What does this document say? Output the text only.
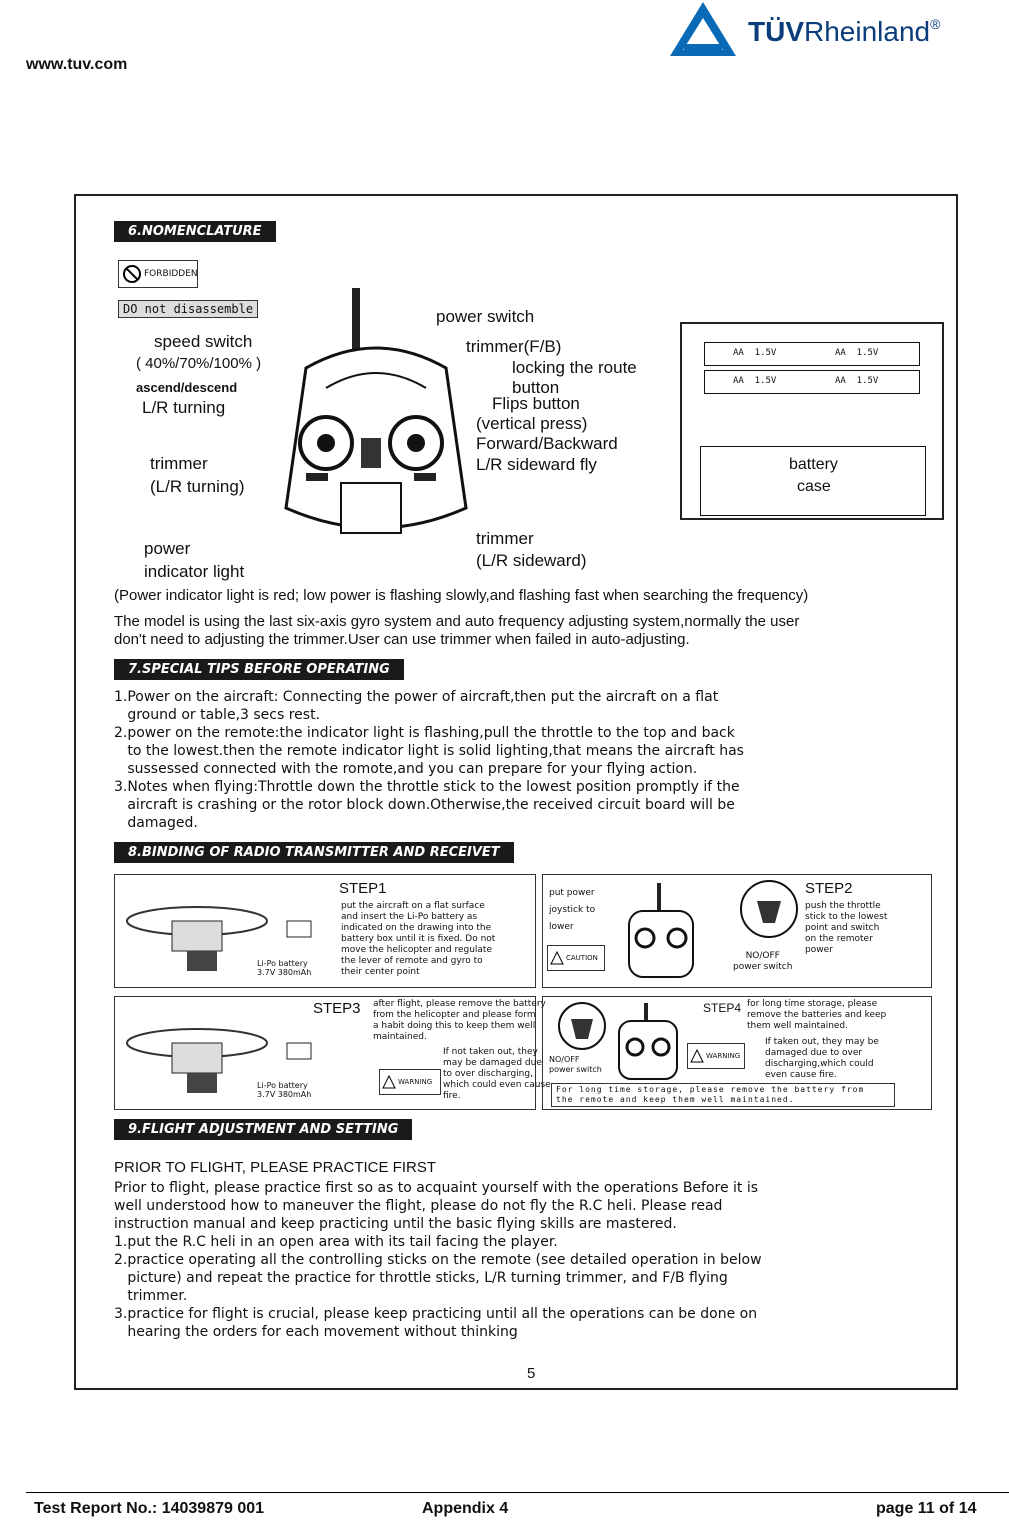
www.tuv.com
TÜVRheinland®
6.NOMENCLATURE
FORBIDDEN
DO not disassemble
speed switch
( 40%/70%/100% )
ascend/descend
L/R turning
trimmer
(L/R turning)
power
indicator light
power switch
trimmer(F/B)
locking the route
button
Flips button
(vertical press)
Forward/Backward
L/R sideward fly
trimmer
(L/R sideward)
AA  1.5V	AA  1.5V
AA  1.5V	AA  1.5V
battery
case
(Power indicator light is red; low power is flashing slowly,and flashing fast when searching the frequency)
The model is using the last six-axis gyro system and auto frequency adjusting system,normally the user
don't need to adjusting the trimmer.User can use trimmer when failed in auto-adjusting.
7.SPECIAL TIPS BEFORE OPERATING
1.Power on the aircraft: Connecting the power of aircraft,then put the aircraft on a flat
ground or table,3 secs rest.
2.power on the remote:the indicator light is flashing,pull the throttle to the top and back
to the lowest.then the remote indicator light is solid lighting,that means the aircraft has
sussessed connected with the romote,and you can prepare for your flying action.
3.Notes when flying:Throttle down the throttle stick to the lowest position promptly if the
aircraft is crashing or the rotor block down.Otherwise,the received circuit board will be
damaged.
8.BINDING OF RADIO TRANSMITTER AND RECEIVET
STEP1
put the aircraft on a flat surface
and insert the Li-Po battery as
indicated on the drawing into the
battery box until it is fixed. Do not
move the helicopter and regulate
the lever of remote and gyro to
their center point
Li-Po battery
3.7V 380mAh
put power
joystick to
lower
CAUTION	NO/OFF
power switch
STEP2
push the throttle
stick to the lowest
point and switch
on the remoter
power
STEP3 after flight, please remove the battery
from the helicopter and please form
a habit doing this to keep them well
maintained.
If not taken out, they
may be damaged due
to over discharging,
which could even cause
fire.
WARNING
Li-Po battery
3.7V 380mAh
NO/OFF
power switch
STEP4 for long time storage, please
remove the batteries and keep
them well maintained.
WARNING
If taken out, they may be
damaged due to over
discharging,which could
even cause fire.
For long time storage, please remove the battery from
the remote and keep them well maintained.
9.FLIGHT ADJUSTMENT AND SETTING
PRIOR TO FLIGHT, PLEASE PRACTICE FIRST
Prior to flight, please practice first so as to acquaint yourself with the operations Before it is
well understood how to maneuver the flight, please do not fly the R.C heli. Please read
instruction manual and keep practicing until the basic flying skills are mastered.
1.put the R.C heli in an open area with its tail facing the player.
2.practice operating all the controlling sticks on the remote (see detailed operation in below
picture) and repeat the practice for throttle sticks, L/R turning trimmer, and F/B flying
trimmer.
3.practice for flight is crucial, please keep practicing until all the operations can be done on
hearing the orders for each movement without thinking
5
Test Report No.: 14039879 001	Appendix 4	page 11 of 14
